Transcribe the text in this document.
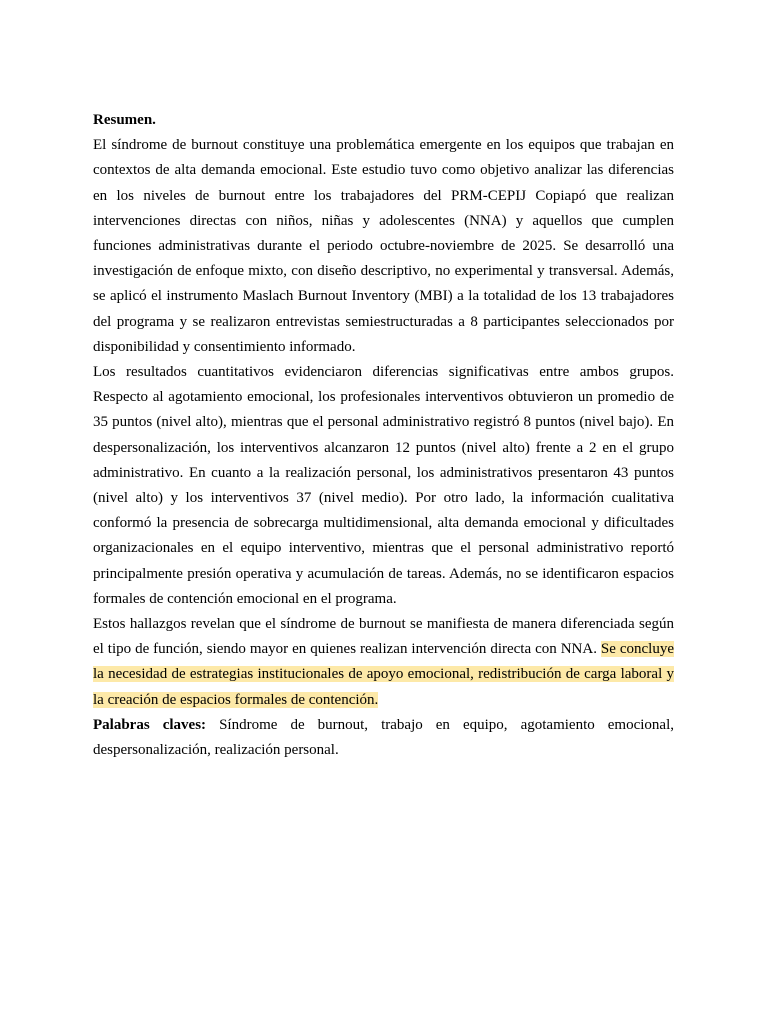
Resumen.

El síndrome de burnout constituye una problemática emergente en los equipos que trabajan en contextos de alta demanda emocional. Este estudio tuvo como objetivo analizar las diferencias en los niveles de burnout entre los trabajadores del PRM-CEPIJ Copiapó que realizan intervenciones directas con niños, niñas y adolescentes (NNA) y aquellos que cumplen funciones administrativas durante el periodo octubre-noviembre de 2025. Se desarrolló una investigación de enfoque mixto, con diseño descriptivo, no experimental y transversal. Además, se aplicó el instrumento Maslach Burnout Inventory (MBI) a la totalidad de los 13 trabajadores del programa y se realizaron entrevistas semiestructuradas a 8 participantes seleccionados por disponibilidad y consentimiento informado.

Los resultados cuantitativos evidenciaron diferencias significativas entre ambos grupos. Respecto al agotamiento emocional, los profesionales interventivos obtuvieron un promedio de 35 puntos (nivel alto), mientras que el personal administrativo registró 8 puntos (nivel bajo). En despersonalización, los interventivos alcanzaron 12 puntos (nivel alto) frente a 2 en el grupo administrativo. En cuanto a la realización personal, los administrativos presentaron 43 puntos (nivel alto) y los interventivos 37 (nivel medio). Por otro lado, la información cualitativa conformó la presencia de sobrecarga multidimensional, alta demanda emocional y dificultades organizacionales en el equipo interventivo, mientras que el personal administrativo reportó principalmente presión operativa y acumulación de tareas. Además, no se identificaron espacios formales de contención emocional en el programa.

Estos hallazgos revelan que el síndrome de burnout se manifiesta de manera diferenciada según el tipo de función, siendo mayor en quienes realizan intervención directa con NNA. Se concluye la necesidad de estrategias institucionales de apoyo emocional, redistribución de carga laboral y la creación de espacios formales de contención.

Palabras claves: Síndrome de burnout, trabajo en equipo, agotamiento emocional, despersonalización, realización personal.
